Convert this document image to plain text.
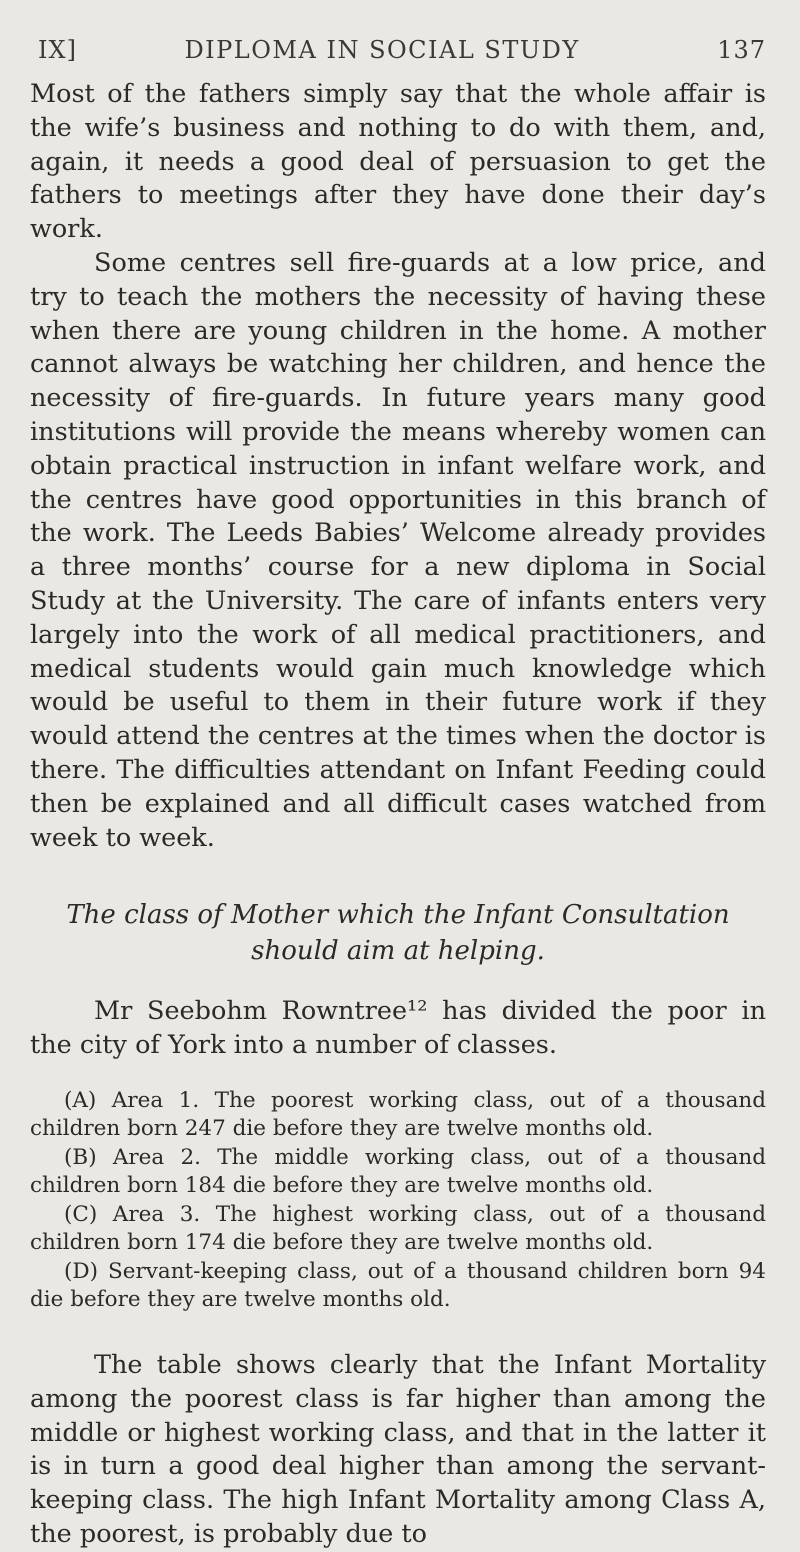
IX]	DIPLOMA IN SOCIAL STUDY	137

Most of the fathers simply say that the whole affair is the wife’s business and nothing to do with them, and, again, it needs a good deal of persuasion to get the fathers to meetings after they have done their day’s work.

Some centres sell fire-guards at a low price, and try to teach the mothers the necessity of having these when there are young children in the home. A mother cannot always be watching her children, and hence the necessity of fire-guards. In future years many good institutions will provide the means whereby women can obtain practical instruction in infant welfare work, and the centres have good opportunities in this branch of the work. The Leeds Babies’ Welcome already provides a three months’ course for a new diploma in Social Study at the University. The care of infants enters very largely into the work of all medical practitioners, and medical students would gain much knowledge which would be useful to them in their future work if they would attend the centres at the times when the doctor is there. The difficulties attendant on Infant Feeding could then be explained and all difficult cases watched from week to week.

The class of Mother which the Infant Consultation should aim at helping.

Mr Seebohm Rowntree¹² has divided the poor in the city of York into a number of classes.

(A) Area 1. The poorest working class, out of a thousand children born 247 die before they are twelve months old.

(B) Area 2. The middle working class, out of a thousand children born 184 die before they are twelve months old.

(C) Area 3. The highest working class, out of a thousand children born 174 die before they are twelve months old.

(D) Servant-keeping class, out of a thousand children born 94 die before they are twelve months old.

The table shows clearly that the Infant Mortality among the poorest class is far higher than among the middle or highest working class, and that in the latter it is in turn a good deal higher than among the servant-keeping class. The high Infant Mortality among Class A, the poorest, is probably due to
